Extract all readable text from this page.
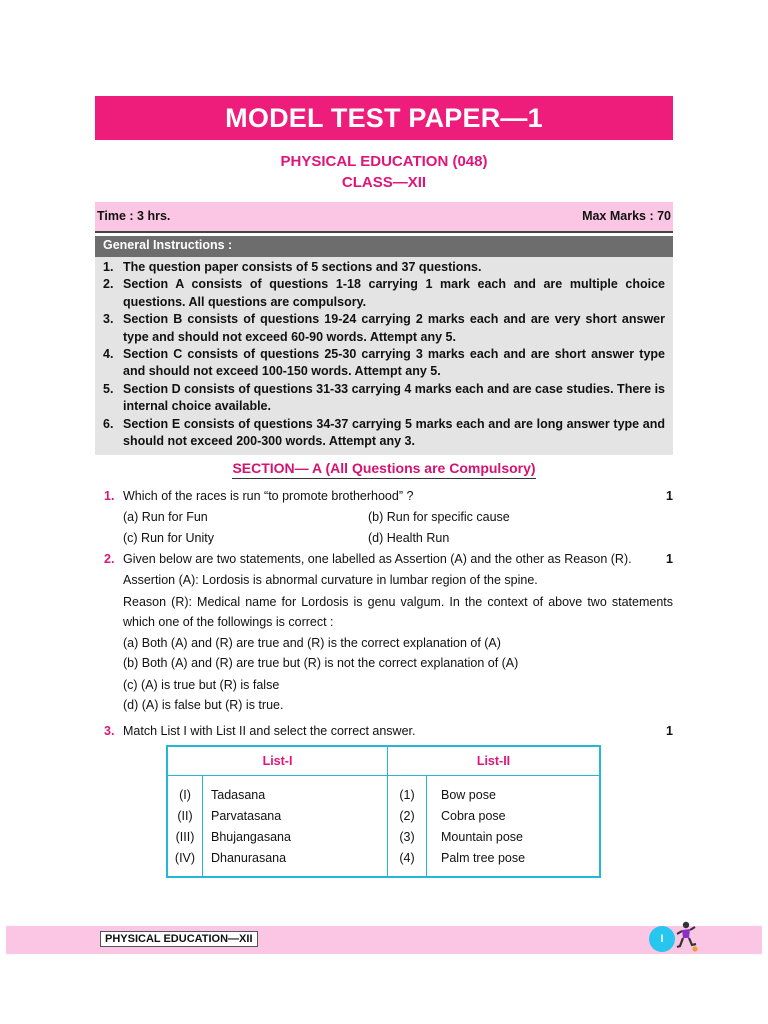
MODEL TEST PAPER—1
PHYSICAL EDUCATION (048)
CLASS—XII
Time : 3 hrs.	Max Marks : 70
General Instructions :
1. The question paper consists of 5 sections and 37 questions.
2. Section A consists of questions 1-18 carrying 1 mark each and are multiple choice questions. All questions are compulsory.
3. Section B consists of questions 19-24 carrying 2 marks each and are very short answer type and should not exceed 60-90 words. Attempt any 5.
4. Section C consists of questions 25-30 carrying 3 marks each and are short answer type and should not exceed 100-150 words. Attempt any 5.
5. Section D consists of questions 31-33 carrying 4 marks each and are case studies. There is internal choice available.
6. Section E consists of questions 34-37 carrying 5 marks each and are long answer type and should not exceed 200-300 words. Attempt any 3.
SECTION— A (All Questions are Compulsory)
1. Which of the races is run “to promote brotherhood” ?	1
(a) Run for Fun	(b) Run for specific cause
(c) Run for Unity	(d) Health Run
2. Given below are two statements, one labelled as Assertion (A) and the other as Reason (R).	1
Assertion (A): Lordosis is abnormal curvature in lumbar region of the spine.
Reason (R): Medical name for Lordosis is genu valgum. In the context of above two statements which one of the followings is correct :
(a) Both (A) and (R) are true and (R) is the correct explanation of (A)
(b) Both (A) and (R) are true but (R) is not the correct explanation of (A)
(c) (A) is true but (R) is false
(d) (A) is false but (R) is true.
3. Match List I with List II and select the correct answer.	1
List-I		List-II	
(I)	Tadasana	(1)	Bow pose
(II)	Parvatasana	(2)	Cobra pose
(III)	Bhujangasana	(3)	Mountain pose
(IV)	Dhanurasana	(4)	Palm tree pose
PHYSICAL EDUCATION—XII	I
